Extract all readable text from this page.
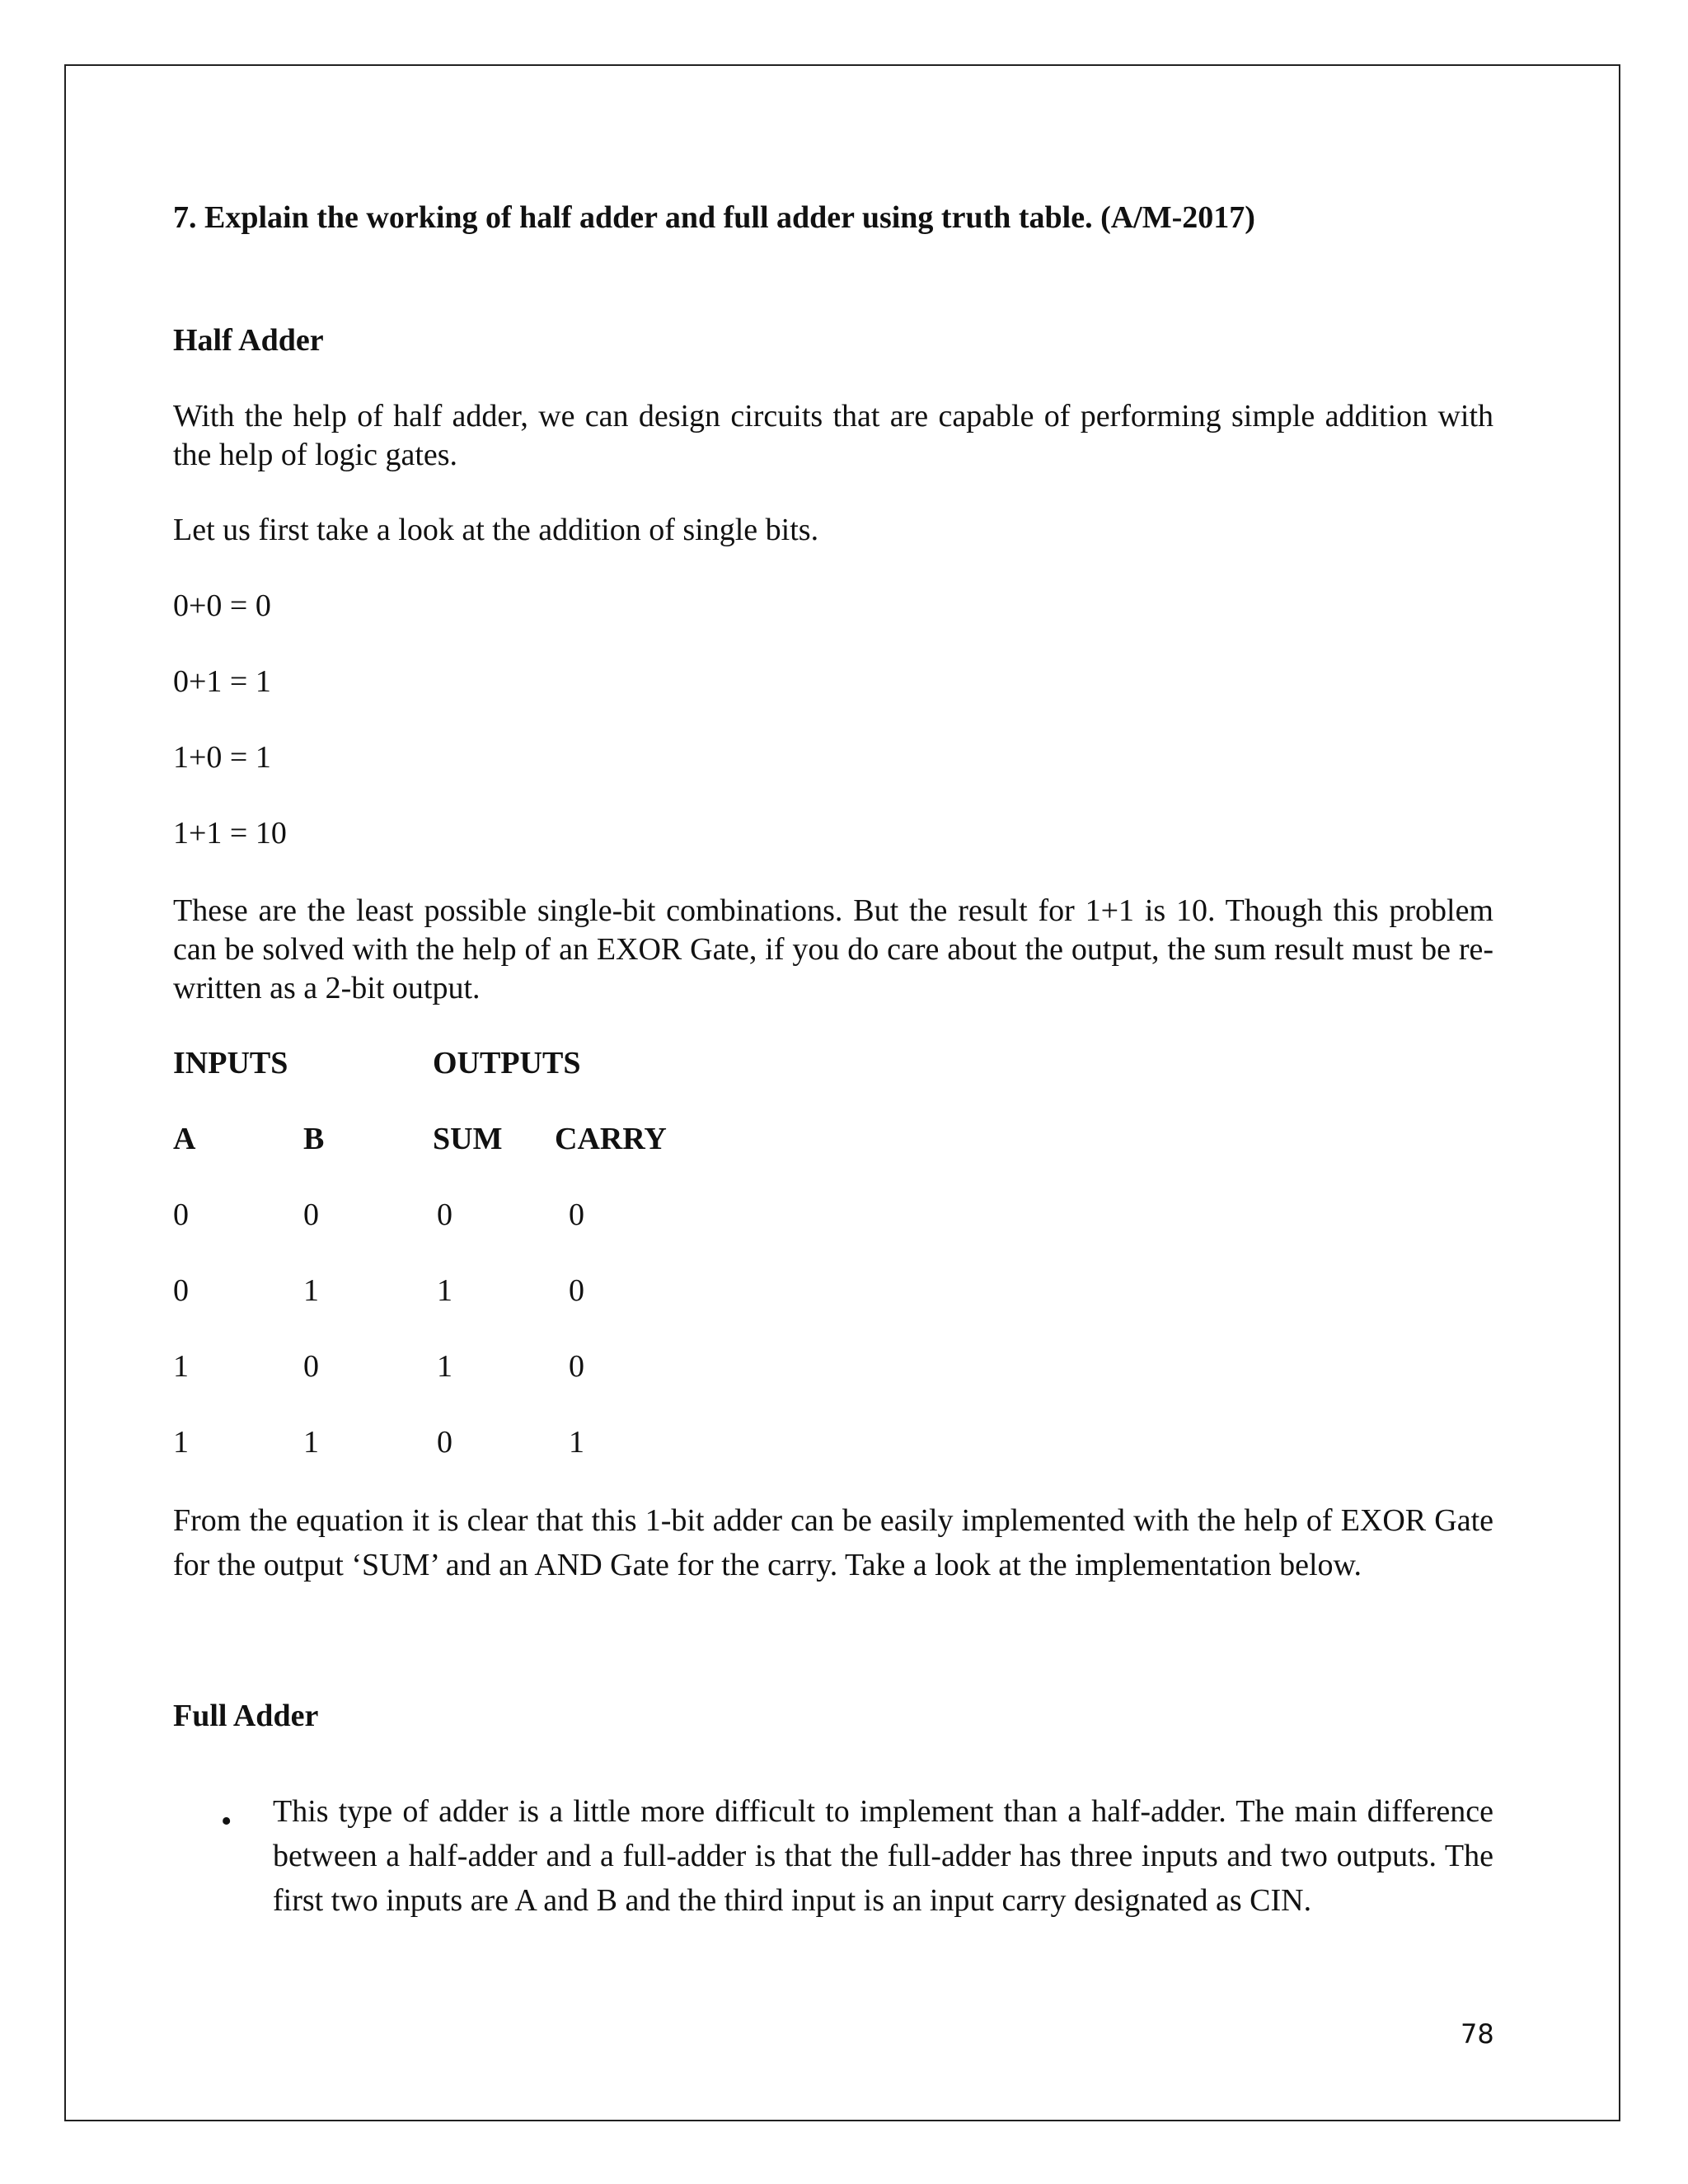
7. Explain the working of half adder and full adder using truth table. (A/M-2017)

Half Adder

With the help of half adder, we can design circuits that are capable of performing simple addition with the help of logic gates.

Let us first take a look at the addition of single bits.

0+0 = 0

0+1 = 1

1+0 = 1

1+1 = 10

These are the least possible single-bit combinations. But the result for 1+1 is 10. Though this problem can be solved with the help of an EXOR Gate, if you do care about the output, the sum result must be re-written as a 2-bit output.

INPUTS	OUTPUTS

A	B	SUM CARRY

0	0	0	0

0	1	1	0

1	0	1	0

1	1	0	1

From the equation it is clear that this 1-bit adder can be easily implemented with the help of EXOR Gate for the output ‘SUM’ and an AND Gate for the carry. Take a look at the implementation below.

Full Adder

• This type of adder is a little more difficult to implement than a half-adder. The main difference between a half-adder and a full-adder is that the full-adder has three inputs and two outputs. The first two inputs are A and B and the third input is an input carry designated as CIN.

78
